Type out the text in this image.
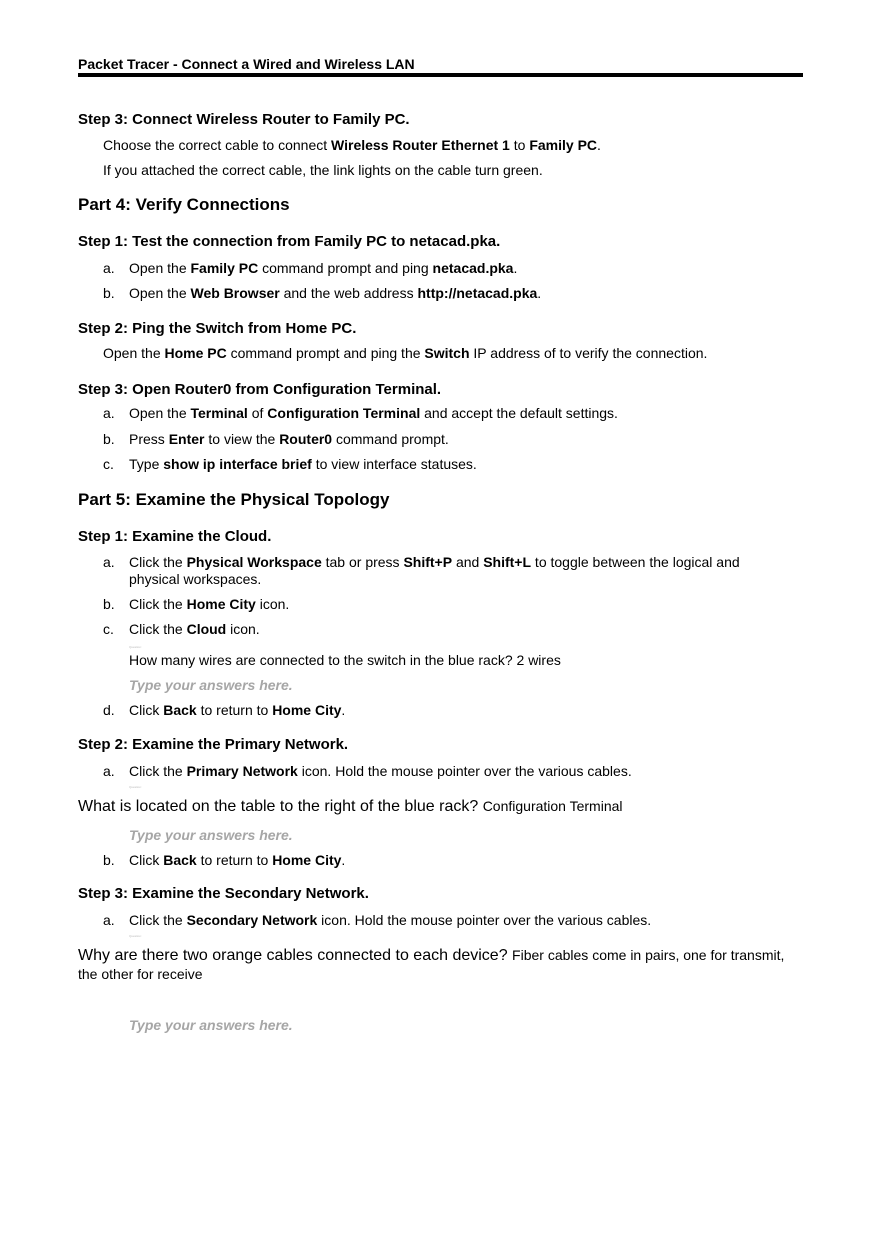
Packet Tracer - Connect a Wired and Wireless LAN
Step 3: Connect Wireless Router to Family PC.
Choose the correct cable to connect Wireless Router Ethernet 1 to Family PC.
If you attached the correct cable, the link lights on the cable turn green.
Part 4: Verify Connections
Step 1: Test the connection from Family PC to netacad.pka.
a. Open the Family PC command prompt and ping netacad.pka.
b. Open the Web Browser and the web address http://netacad.pka.
Step 2: Ping the Switch from Home PC.
Open the Home PC command prompt and ping the Switch IP address of to verify the connection.
Step 3: Open Router0 from Configuration Terminal.
a. Open the Terminal of Configuration Terminal and accept the default settings.
b. Press Enter to view the Router0 command prompt.
c. Type show ip interface brief to view interface statuses.
Part 5: Examine the Physical Topology
Step 1: Examine the Cloud.
a. Click the Physical Workspace tab or press Shift+P and Shift+L to toggle between the logical and
physical workspaces.
b. Click the Home City icon.
c. Click the Cloud icon.
Question:
How many wires are connected to the switch in the blue rack? 2 wires
Type your answers here.
d. Click Back to return to Home City.
Step 2: Examine the Primary Network.
a. Click the Primary Network icon. Hold the mouse pointer over the various cables.
Question:
What is located on the table to the right of the blue rack? Configuration Terminal
Type your answers here.
b. Click Back to return to Home City.
Step 3: Examine the Secondary Network.
a. Click the Secondary Network icon. Hold the mouse pointer over the various cables.
Question:
Why are there two orange cables connected to each device? Fiber cables come in pairs, one for transmit,
the other for receive
Type your answers here.
